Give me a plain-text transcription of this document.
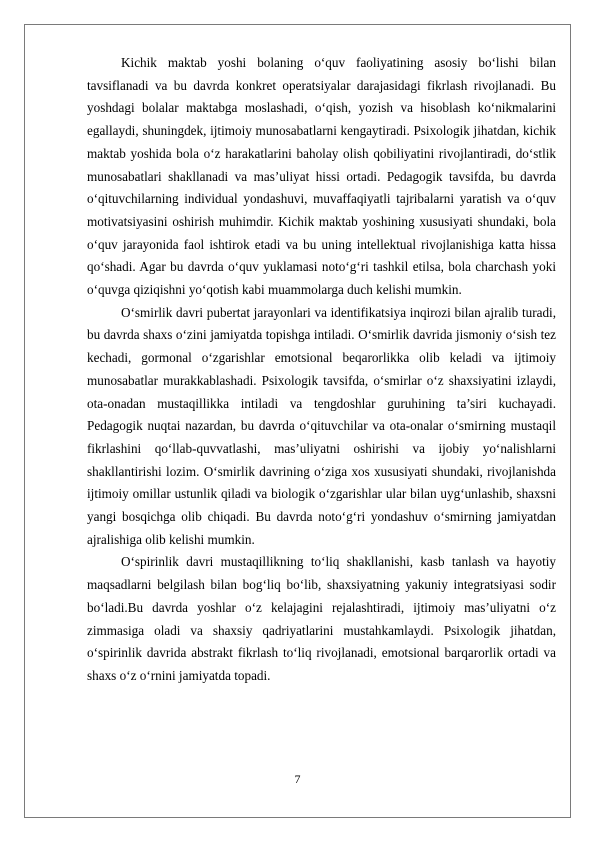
Kichik maktab yoshi bolaning o‘quv faoliyatining asosiy bo‘lishi bilan tavsiflanadi va bu davrda konkret operatsiyalar darajasidagi fikrlash rivojlanadi. Bu yoshdagi bolalar maktabga moslashadi, o‘qish, yozish va hisoblash ko‘nikmalarini egallaydi, shuningdek, ijtimoiy munosabatlarni kengaytiradi. Psixologik jihatdan, kichik maktab yoshida bola o‘z harakatlarini baholay olish qobiliyatini rivojlantiradi, do‘stlik munosabatlari shakllanadi va mas’uliyat hissi ortadi. Pedagogik tavsifda, bu davrda o‘qituvchilarning individual yondashuvi, muvaffaqiyatli tajribalarni yaratish va o‘quv motivatsiyasini oshirish muhimdir. Kichik maktab yoshining xususiyati shundaki, bola o‘quv jarayonida faol ishtirok etadi va bu uning intellektual rivojlanishiga katta hissa qo‘shadi. Agar bu davrda o‘quv yuklamasi noto‘g‘ri tashkil etilsa, bola charchash yoki o‘quvga qiziqishni yo‘qotish kabi muammolarga duch kelishi mumkin.

O‘smirlik davri pubertat jarayonlari va identifikatsiya inqirozi bilan ajralib turadi, bu davrda shaxs o‘zini jamiyatda topishga intiladi. O‘smirlik davrida jismoniy o‘sish tez kechadi, gormonal o‘zgarishlar emotsional beqarorlikka olib keladi va ijtimoiy munosabatlar murakkablashadi. Psixologik tavsifda, o‘smirlar o‘z shaxsiyatini izlaydi, ota-onadan mustaqillikka intiladi va tengdoshlar guruhining ta’siri kuchayadi. Pedagogik nuqtai nazardan, bu davrda o‘qituvchilar va ota-onalar o‘smirning mustaqil fikrlashini qo‘llab-quvvatlashi, mas’uliyatni oshirishi va ijobiy yo‘nalishlarni shakllantirishi lozim. O‘smirlik davrining o‘ziga xos xususiyati shundaki, rivojlanishda ijtimoiy omillar ustunlik qiladi va biologik o‘zgarishlar ular bilan uyg‘unlashib, shaxsni yangi bosqichga olib chiqadi. Bu davrda noto‘g‘ri yondashuv o‘smirning jamiyatdan ajralishiga olib kelishi mumkin.

O‘spirinlik davri mustaqillikning to‘liq shakllanishi, kasb tanlash va hayotiy maqsadlarni belgilash bilan bog‘liq bo‘lib, shaxsiyatning yakuniy integratsiyasi sodir bo‘ladi.Bu davrda yoshlar o‘z kelajagini rejalashtiradi, ijtimoiy mas’uliyatni o‘z zimmasiga oladi va shaxsiy qadriyatlarini mustahkamlaydi. Psixologik jihatdan, o‘spirinlik davrida abstrakt fikrlash to‘liq rivojlanadi, emotsional barqarorlik ortadi va shaxs o‘z o‘rnini jamiyatda topadi.

7
